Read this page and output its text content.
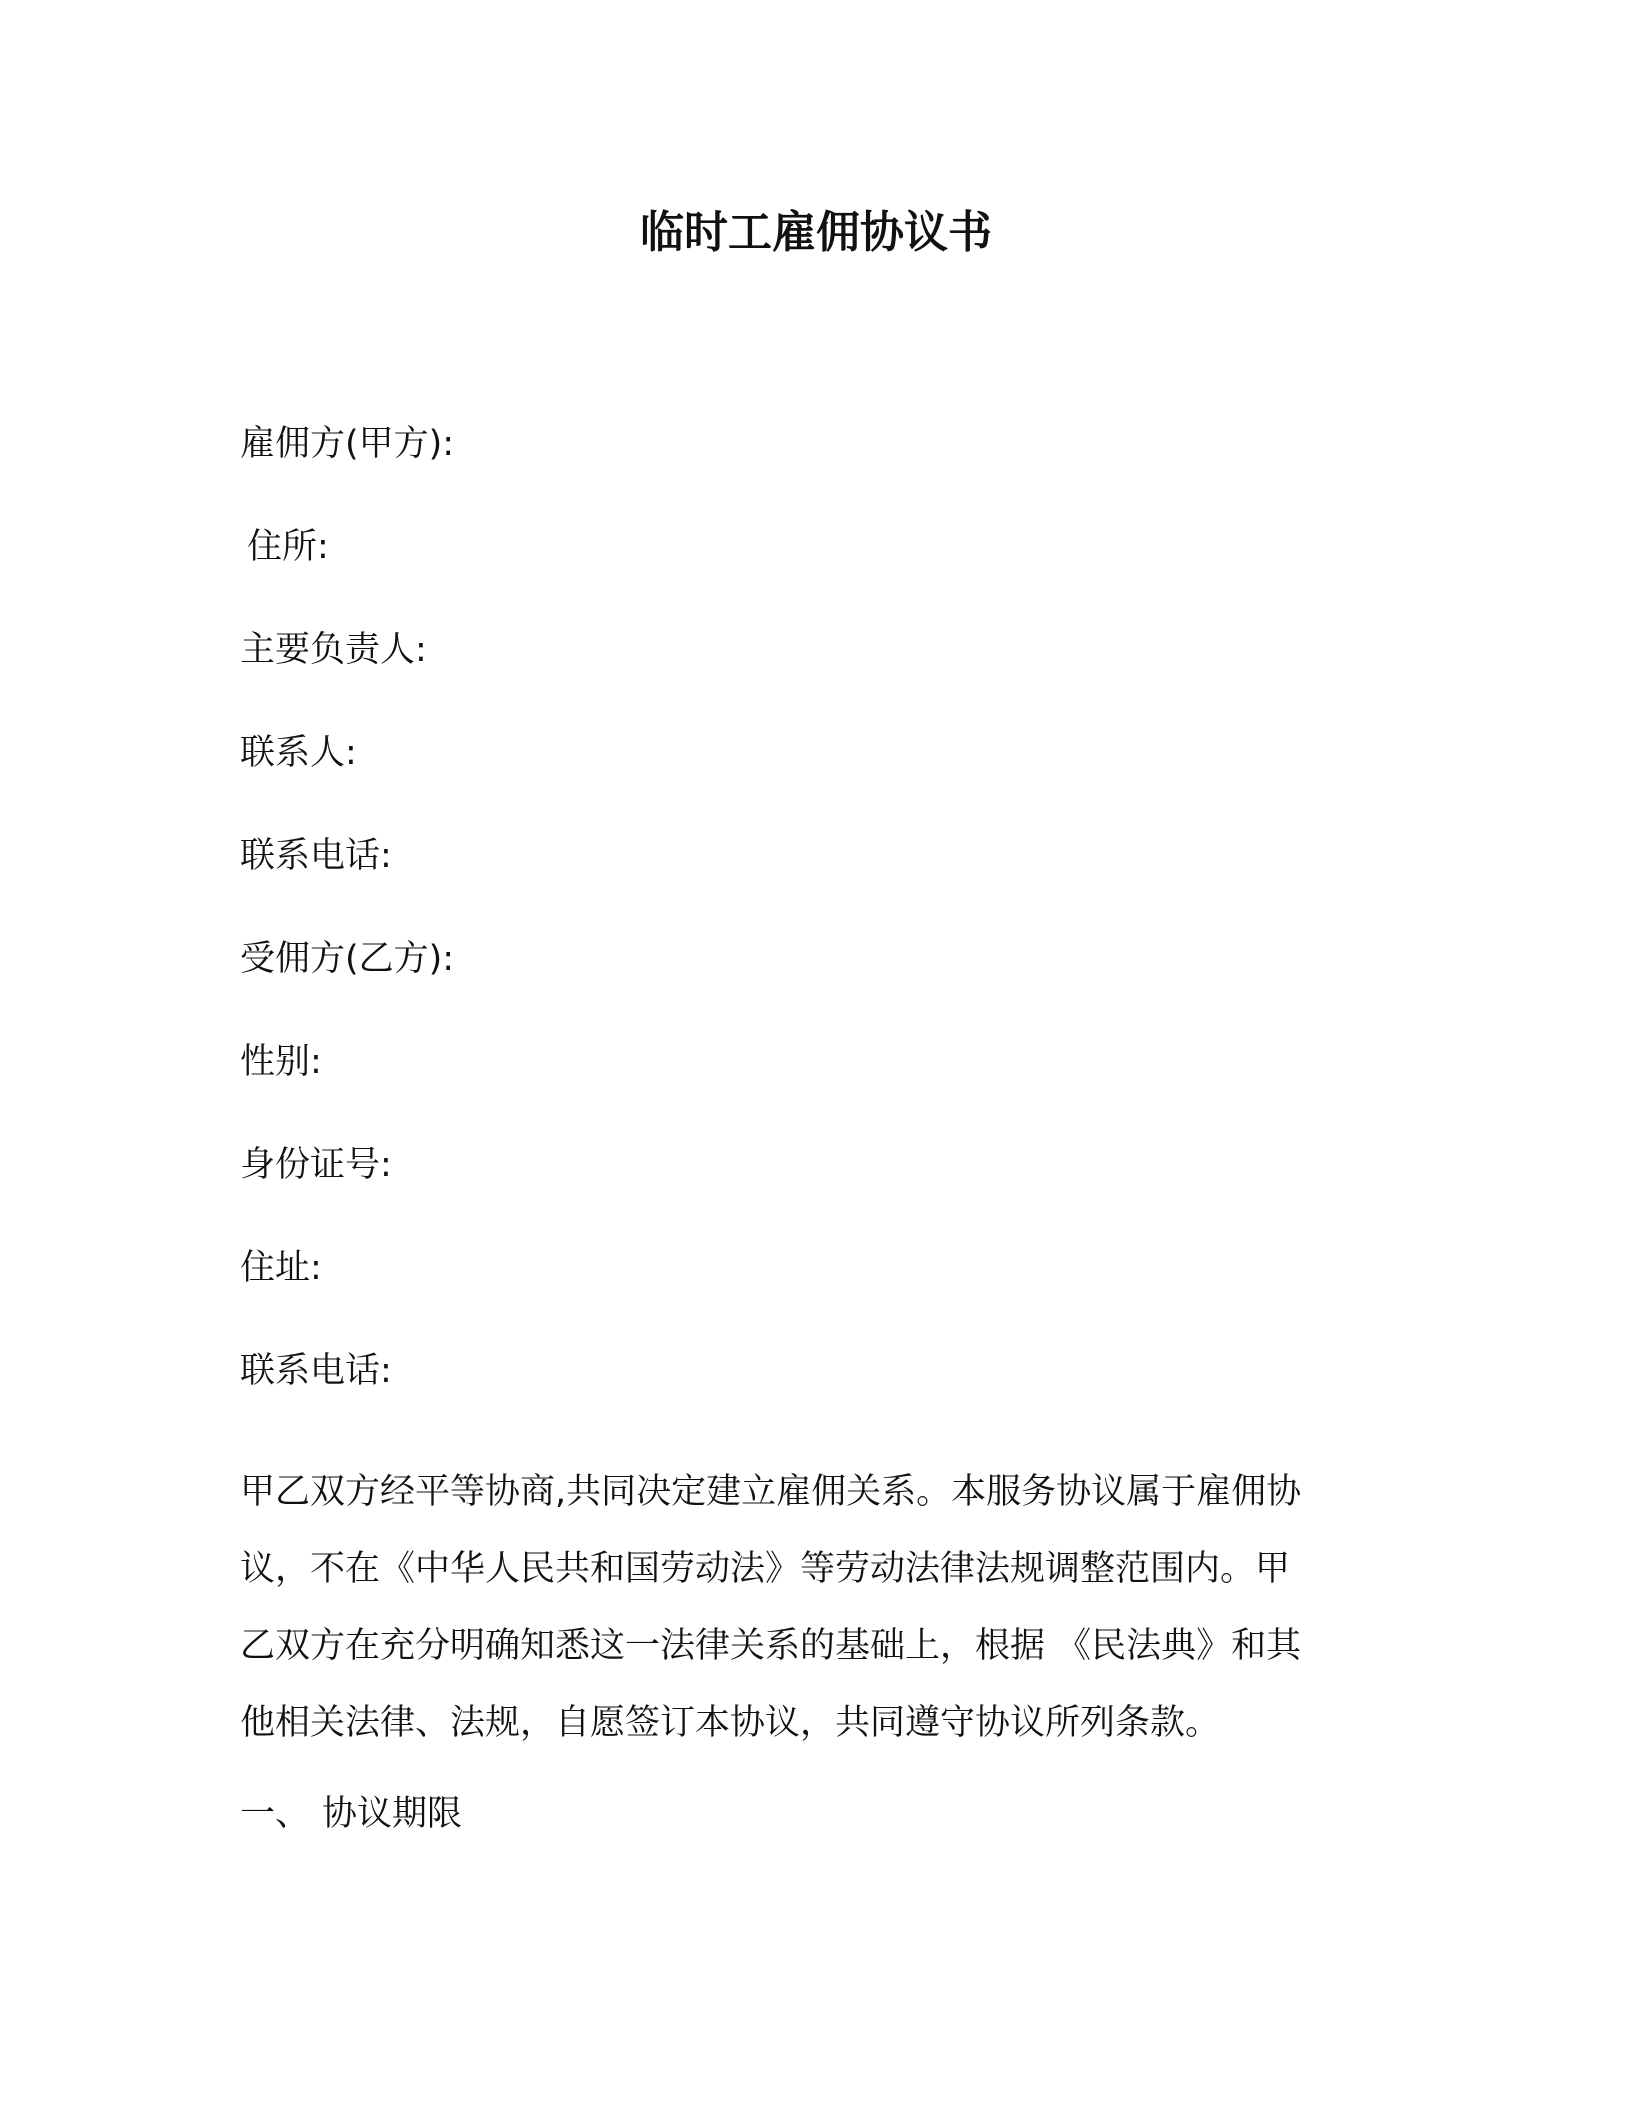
临时工雇佣协议书
雇佣方(甲方):
住所:
主要负责人:
联系人:
联系电话:
受佣方(乙方):
性别:
身份证号:
住址:
联系电话:
甲乙双方经平等协商,共同决定建立雇佣关系。本服务协议属于雇佣协
议，不在《中华人民共和国劳动法》等劳动法律法规调整范围内。甲
乙双方在充分明确知悉这一法律关系的基础上，根据 《民法典》和其
他相关法律、法规，自愿签订本协议，共同遵守协议所列条款。
一、 协议期限
